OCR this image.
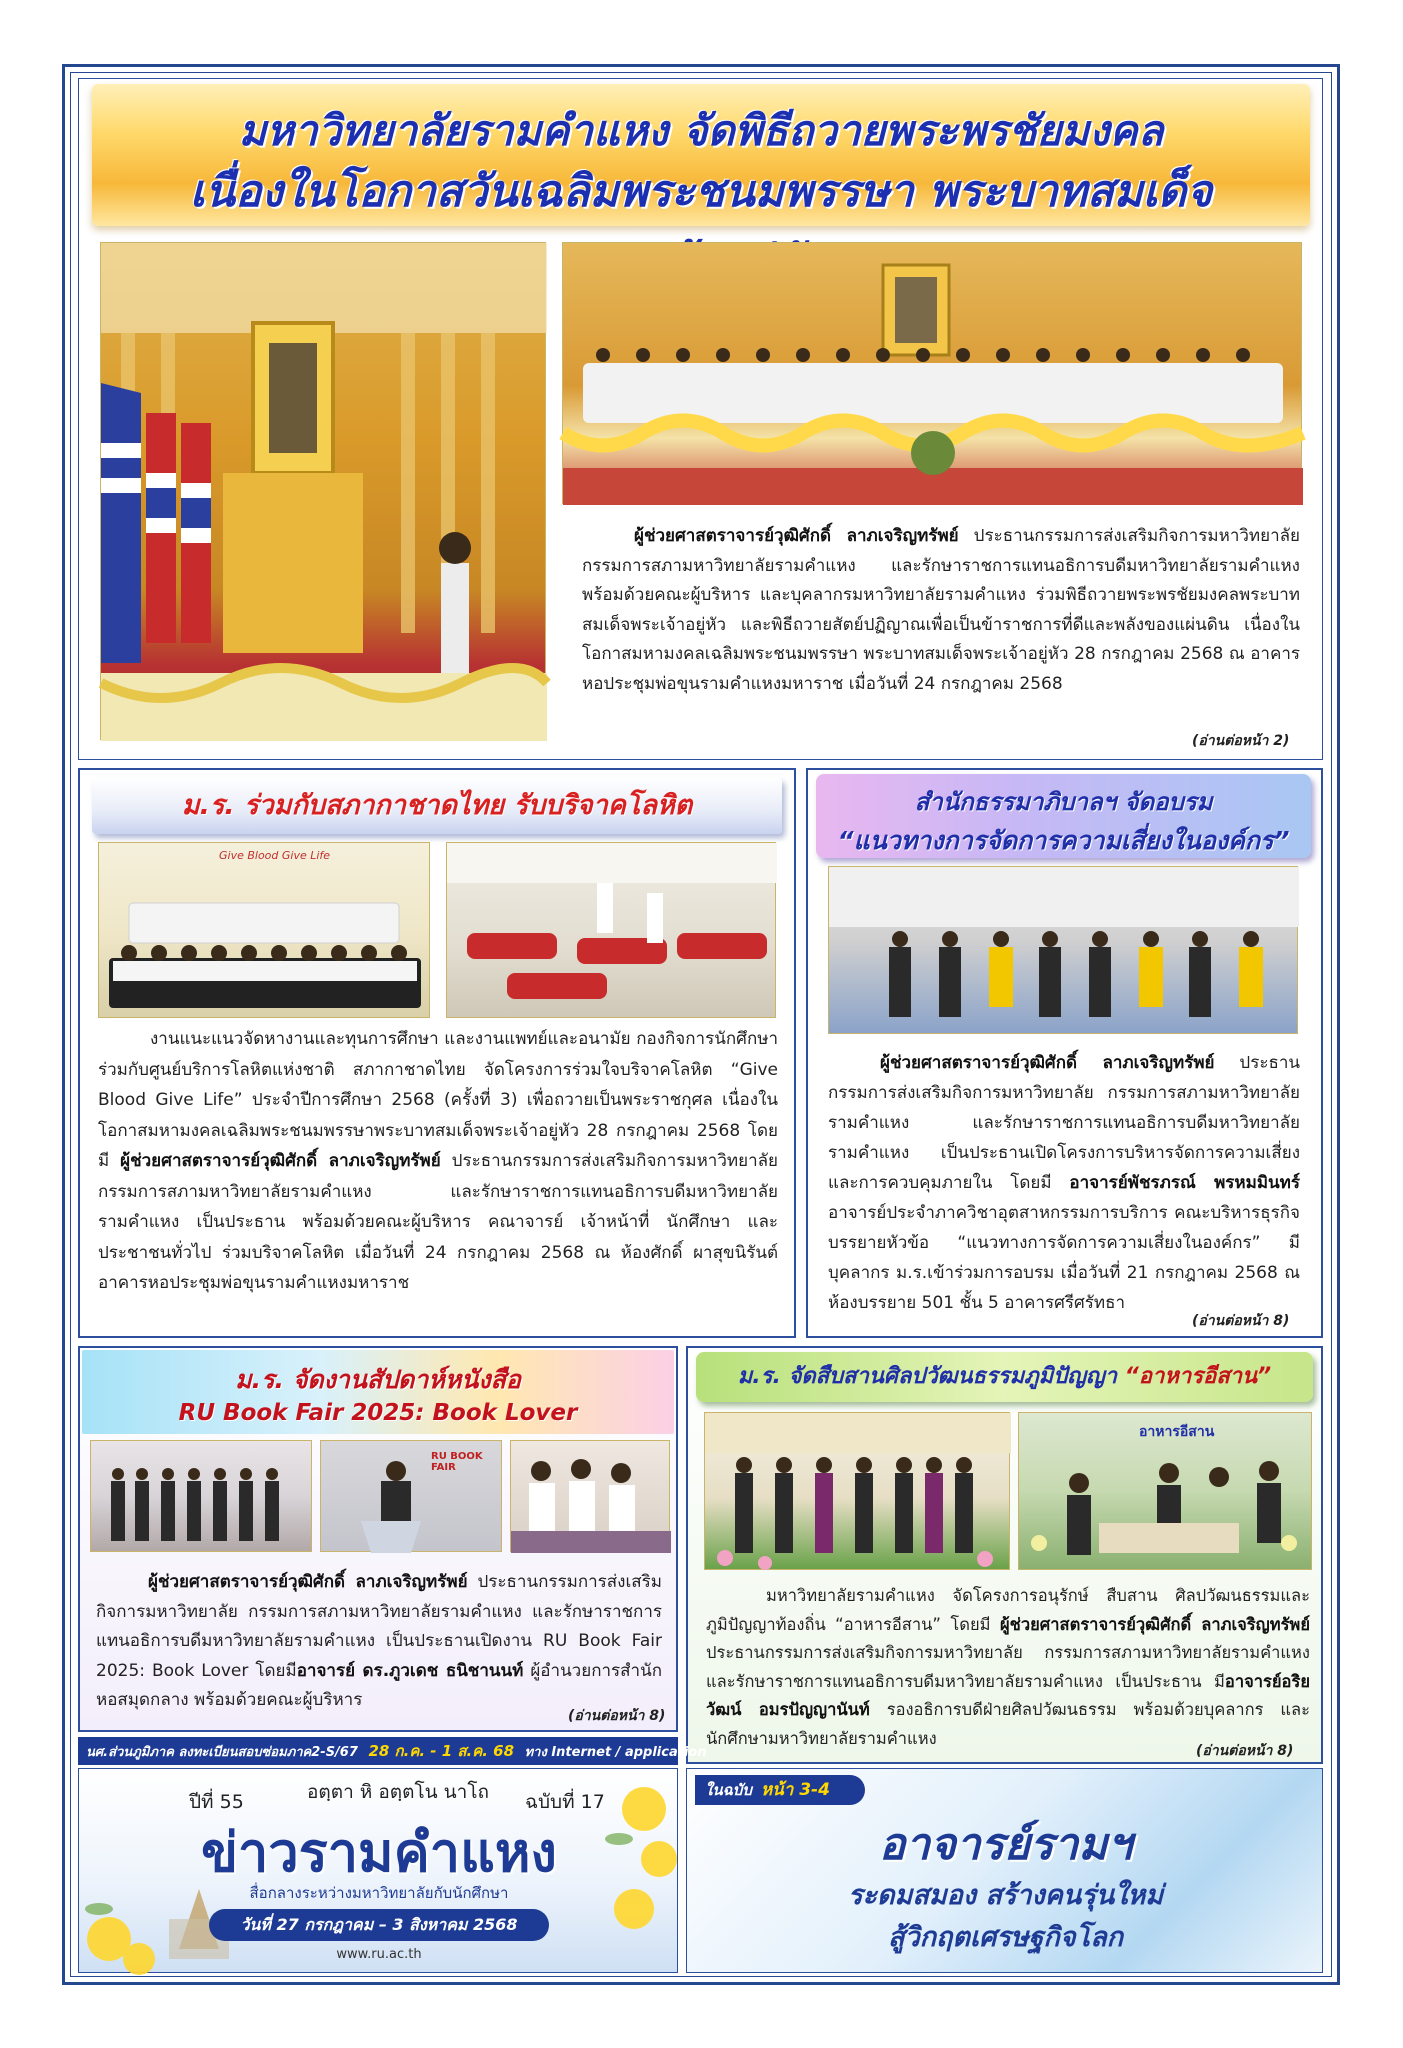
มหาวิทยาลัยรามคำแหง จัดพิธีถวายพระพรชัยมงคล
เนื่องในโอกาสวันเฉลิมพระชนมพรรษา พระบาทสมเด็จ

ผู้ช่วยศาสตราจารย์วุฒิศักดิ์ ลาภเจริญทรัพย์ ประธานกรรมการส่งเสริมกิจการมหาวิทยาลัย กรรมการสภามหาวิทยาลัยรามคำแหง และรักษาราชการแทนอธิการบดีมหาวิทยาลัยรามคำแหง พร้อมด้วยคณะผู้บริหาร และบุคลากรมหาวิทยาลัยรามคำแหง ร่วมพิธีถวายพระพรชัยมงคลพระบาทสมเด็จพระเจ้าอยู่หัว และพิธีถวายสัตย์ปฏิญาณเพื่อเป็นข้าราชการที่ดีและพลังของแผ่นดิน เนื่องในโอกาสมหามงคลเฉลิมพระชนมพรรษา พระบาทสมเด็จพระเจ้าอยู่หัว 28 กรกฎาคม 2568 ณ อาคารหอประชุมพ่อขุนรามคำแหงมหาราช เมื่อวันที่ 24 กรกฎาคม 2568

(อ่านต่อหน้า 2)
ม.ร. ร่วมกับสภากาชาดไทย รับบริจาคโลหิต
Give Blood Give Life

งานแนะแนวจัดหางานและทุนการศึกษา และงานแพทย์และอนามัย กองกิจการนักศึกษาร่วมกับศูนย์บริการโลหิตแห่งชาติ สภากาชาดไทย จัดโครงการร่วมใจบริจาคโลหิต “Give Blood Give Life” ประจำปีการศึกษา 2568 (ครั้งที่ 3) เพื่อถวายเป็นพระราชกุศล เนื่องในโอกาสมหามงคลเฉลิมพระชนมพรรษาพระบาทสมเด็จพระเจ้าอยู่หัว 28 กรกฎาคม 2568 โดยมี ผู้ช่วยศาสตราจารย์วุฒิศักดิ์ ลาภเจริญทรัพย์ ประธานกรรมการส่งเสริมกิจการมหาวิทยาลัย กรรมการสภามหาวิทยาลัยรามคำแหง และรักษาราชการแทนอธิการบดีมหาวิทยาลัยรามคำแหง เป็นประธาน พร้อมด้วยคณะผู้บริหาร คณาจารย์ เจ้าหน้าที่ นักศึกษา และประชาชนทั่วไป ร่วมบริจาคโลหิต เมื่อวันที่ 24 กรกฎาคม 2568 ณ ห้องศักดิ์ ผาสุขนิรันต์ อาคารหอประชุมพ่อขุนรามคำแหงมหาราช

สำนักธรรมาภิบาลฯ จัดอบรม
“แนวทางการจัดการความเสี่ยงในองค์กร”

ผู้ช่วยศาสตราจารย์วุฒิศักดิ์ ลาภเจริญทรัพย์ ประธานกรรมการส่งเสริมกิจการมหาวิทยาลัย กรรมการสภามหาวิทยาลัยรามคำแหง และรักษาราชการแทนอธิการบดีมหาวิทยาลัยรามคำแหง เป็นประธานเปิดโครงการบริหารจัดการความเสี่ยงและการควบคุมภายใน โดยมี อาจารย์พัชรภรณ์ พรหมมินทร์ อาจารย์ประจำภาควิชาอุตสาหกรรมการบริการ คณะบริหารธุรกิจ บรรยายหัวข้อ “แนวทางการจัดการความเสี่ยงในองค์กร” มีบุคลากร ม.ร.เข้าร่วมการอบรม เมื่อวันที่ 21 กรกฎาคม 2568 ณ ห้องบรรยาย 501 ชั้น 5 อาคารศรีศรัทธา

(อ่านต่อหน้า 8)
ม.ร. จัดงานสัปดาห์หนังสือ
RU Book Fair 2025: Book Lover
RU BOOK FAIR

ผู้ช่วยศาสตราจารย์วุฒิศักดิ์ ลาภเจริญทรัพย์ ประธานกรรมการส่งเสริมกิจการมหาวิทยาลัย กรรมการสภามหาวิทยาลัยรามคำแหง และรักษาราชการแทนอธิการบดีมหาวิทยาลัยรามคำแหง เป็นประธานเปิดงาน RU Book Fair 2025: Book Lover โดยมีอาจารย์ ดร.ภูวเดช ธนิชานนท์ ผู้อำนวยการสำนักหอสมุดกลาง พร้อมด้วยคณะผู้บริหาร

(อ่านต่อหน้า 8)
ม.ร. จัดสืบสานศิลปวัฒนธรรมภูมิปัญญา “อาหารอีสาน”
อาหารอีสาน

มหาวิทยาลัยรามคำแหง จัดโครงการอนุรักษ์ สืบสาน ศิลปวัฒนธรรมและภูมิปัญญาท้องถิ่น “อาหารอีสาน” โดยมี ผู้ช่วยศาสตราจารย์วุฒิศักดิ์ ลาภเจริญทรัพย์ ประธานกรรมการส่งเสริมกิจการมหาวิทยาลัย กรรมการสภามหาวิทยาลัยรามคำแหง และรักษาราชการแทนอธิการบดีมหาวิทยาลัยรามคำแหง เป็นประธาน มีอาจารย์อริยวัฒน์ อมรปัญญานันท์ รองอธิการบดีฝ่ายศิลปวัฒนธรรม พร้อมด้วยบุคลากร และนักศึกษามหาวิทยาลัยรามคำแหง

(อ่านต่อหน้า 8)
นศ.ส่วนภูมิภาค ลงทะเบียนสอบซ่อมภาค2-S/67 28 ก.ค. - 1 ส.ค. 68 ทาง Internet / application
ปีที่ 55	อตฺตา หิ อตฺตโน นาโถ ฉบับที่ 17
ข่าวรามคำแหง
สื่อกลางระหว่างมหาวิทยาลัยกับนักศึกษา
วันที่ 27 กรกฎาคม – 3 สิงหาคม 2568
www.ru.ac.th
ในฉบับ หน้า 3-4
อาจารย์รามฯ
ระดมสมอง สร้างคนรุ่นใหม่
สู้วิกฤตเศรษฐกิจโลก
